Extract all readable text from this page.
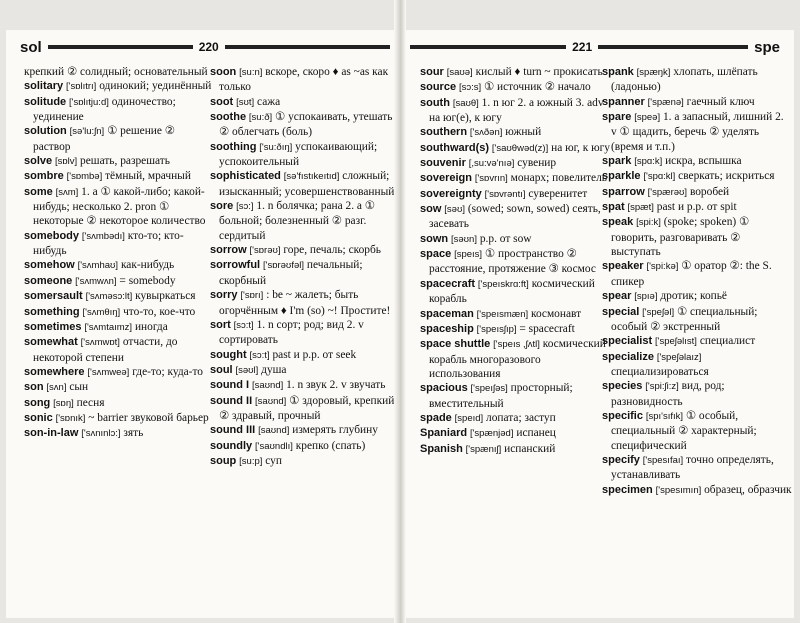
sol	220

крепкий ② солидный; основательный

solitary ['sɒlıtrı] одинокий; уединённый

solitude ['sɒlıtju:d] одиночество; уединение

solution [sə'lu:ʃn] ① решение ② раствор

solve [sɒlv] решать, разрешать

sombre ['sɒmbə] тёмный, мрачный

some [sʌm] 1. a ① какой-либо; какой-нибудь; несколько 2. pron ① некоторые ② некоторое количество

somebody ['sʌmbədı] кто-то; кто-нибудь

somehow ['sʌmhaʊ] как-нибудь

someone ['sʌmwʌn] = somebody

somersault ['sʌməsɔ:lt] кувыркаться

something ['sʌmθıŋ] что-то, кое-что

sometimes ['sʌmtaımz] иногда

somewhat ['sʌmwɒt] отчасти, до некоторой степени

somewhere ['sʌmweə] где-то; куда-то

son [sʌn] сын

song [sɒŋ] песня

sonic ['sɒnık] ~ barrier звуковой барьер

son-in-law ['sʌnınlɔ:] зять

soon [su:n] вскоре, скоро ♦ as ~as как только

soot [sʊt] сажа

soothe [su:ð] ① успокаивать, утешать ② облегчать (боль)

soothing ['su:ðıŋ] успокаивающий; успокоительный

sophisticated [sə'fıstıkeıtıd] сложный; изысканный; усовершенствованный

sore [sɔ:] 1. n болячка; рана 2. a ① больной; болезненный ② разг. сердитый

sorrow ['sɒrəʊ] горе, печаль; скорбь

sorrowful ['sɒrəʊfəl] печальный; скорбный

sorry ['sɒrı] : be ~ жалеть; быть огорчённым ♦ I'm (so) ~! Простите!

sort [sɔ:t] 1. n сорт; род; вид 2. v сортировать

sought [sɔ:t] past и p.p. от seek

soul [səʊl] душа

sound I [saʊnd] 1. n звук 2. v звучать

sound II [saʊnd] ① здоровый, крепкий ② здравый, прочный

sound III [saʊnd] измерять глубину

soundly ['saʊndlı] крепко (спать)

soup [su:p] суп

221	spe

sour [saʊə] кислый ♦ turn ~ прокисать

source [sɔ:s] ① источник ② начало

south [saʊθ] 1. n юг 2. a южный 3. adv на юг(е), к югу

southern ['sʌðən] южный

southward(s) ['saʊθwəd(z)] на юг, к югу

souvenir [,su:və'nıə] сувенир

sovereign ['sɒvrın] монарх; повелитель

sovereignty ['sɒvrəntı] суверенитет

sow [səʊ] (sowed; sown, sowed) сеять, засевать

sown [səʊn] p.p. от sow

space [speıs] ① пространство ② расстояние, протяжение ③ космос

spacecraft ['speıskrɑ:ft] космический корабль

spaceman ['speısmæn] космонавт

spaceship ['speısʃıp] = spacecraft

space shuttle ['speıs ,ʃʌtl] космический корабль многоразового использования

spacious ['speıʃəs] просторный; вместительный

spade [speıd] лопата; заступ

Spaniard ['spænjəd] испанец

Spanish ['spænıʃ] испанский

spank [spæŋk] хлопать, шлёпать (ладонью)

spanner ['spænə] гаечный ключ

spare [speə] 1. a запасный, лишний 2. v ① щадить, беречь ② уделять (время и т.п.)

spark [spɑ:k] искра, вспышка

sparkle ['spɑ:kl] сверкать; искриться

sparrow ['spærəʊ] воробей

spat [spæt] past и p.p. от spit

speak [spi:k] (spoke; spoken) ① говорить, разговаривать ② выступать

speaker ['spi:kə] ① оратор ②: the S. спикер

spear [spıə] дротик; копьё

special ['speʃəl] ① специальный; особый ② экстренный

specialist ['speʃəlıst] специалист

specialize ['speʃəlaız] специализироваться

species ['spi:ʃi:z] вид, род; разновидность

specific [spı'sıfık] ① особый, специальный ② характерный; специфический

specify ['spesıfaı] точно определять, устанавливать

specimen ['spesımın] образец, образчик
